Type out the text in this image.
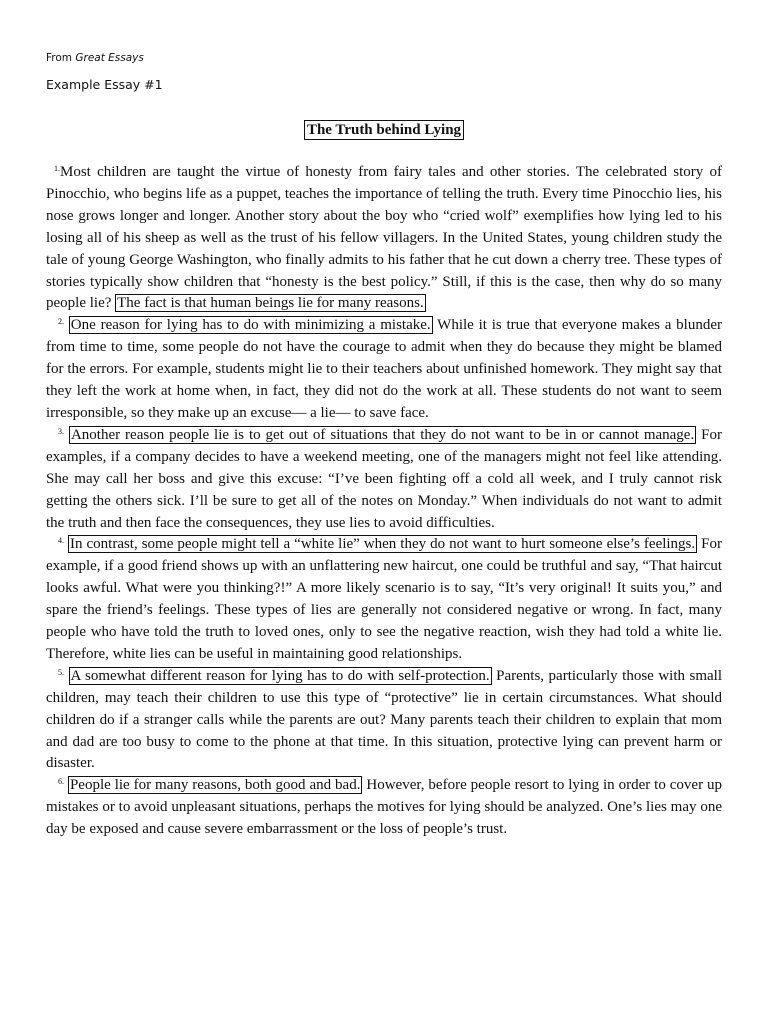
From Great Essays
Example Essay #1
The Truth behind Lying

$^{1.}$Most children are taught the virtue of honesty from fairy tales and other stories. The celebrated story of Pinocchio, who begins life as a puppet, teaches the importance of telling the truth. Every time Pinocchio lies, his nose grows longer and longer. Another story about the boy who “cried wolf” exemplifies how lying led to his losing all of his sheep as well as the trust of his fellow villagers. In the United States, young children study the tale of young George Washington, who finally admits to his father that he cut down a cherry tree. These types of stories typically show children that “honesty is the best policy.” Still, if this is the case, then why do so many people lie? The fact is that human beings lie for many reasons.

$^{2.}$ One reason for lying has to do with minimizing a mistake. While it is true that everyone makes a blunder from time to time, some people do not have the courage to admit when they do because they might be blamed for the errors. For example, students might lie to their teachers about unfinished homework. They might say that they left the work at home when, in fact, they did not do the work at all. These students do not want to seem irresponsible, so they make up an excuse— a lie— to save face.

$^{3.}$ Another reason people lie is to get out of situations that they do not want to be in or cannot manage. For examples, if a company decides to have a weekend meeting, one of the managers might not feel like attending. She may call her boss and give this excuse: “I’ve been fighting off a cold all week, and I truly cannot risk getting the others sick. I’ll be sure to get all of the notes on Monday.” When individuals do not want to admit the truth and then face the consequences, they use lies to avoid difficulties.

$^{4.}$ In contrast, some people might tell a “white lie” when they do not want to hurt someone else’s feelings. For example, if a good friend shows up with an unflattering new haircut, one could be truthful and say, “That haircut looks awful. What were you thinking?!” A more likely scenario is to say, “It’s very original! It suits you,” and spare the friend’s feelings. These types of lies are generally not considered negative or wrong. In fact, many people who have told the truth to loved ones, only to see the negative reaction, wish they had told a white lie. Therefore, white lies can be useful in maintaining good relationships.

$^{5.}$ A somewhat different reason for lying has to do with self-protection. Parents, particularly those with small children, may teach their children to use this type of “protective” lie in certain circumstances. What should children do if a stranger calls while the parents are out? Many parents teach their children to explain that mom and dad are too busy to come to the phone at that time. In this situation, protective lying can prevent harm or disaster.

$^{6.}$ People lie for many reasons, both good and bad. However, before people resort to lying in order to cover up mistakes or to avoid unpleasant situations, perhaps the motives for lying should be analyzed. One’s lies may one day be exposed and cause severe embarrassment or the loss of people’s trust.
